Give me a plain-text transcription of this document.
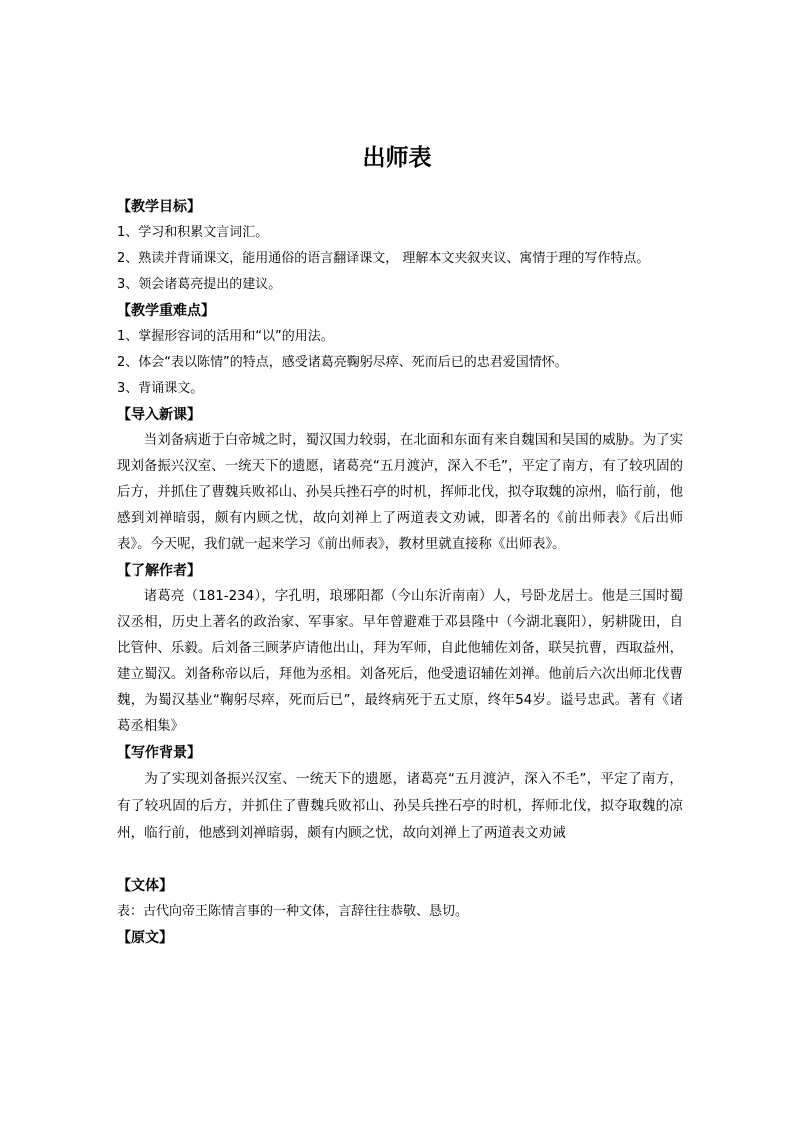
出师表
【教学目标】
1、学习和积累文言词汇。
2、熟读并背诵课文，能用通俗的语言翻译课文， 理解本文夹叙夹议、寓情于理的写作特点。
3、领会诸葛亮提出的建议。
【教学重难点】
1、掌握形容词的活用和“以”的用法。
2、体会“表以陈情”的特点，感受诸葛亮鞠躬尽瘁、死而后已的忠君爱国情怀。
3、背诵课文。
【导入新课】

当刘备病逝于白帝城之时，蜀汉国力较弱，在北面和东面有来自魏国和吴国的威胁。为了实现刘备振兴汉室、一统天下的遗愿，诸葛亮“五月渡泸，深入不毛”，平定了南方，有了较巩固的后方，并抓住了曹魏兵败祁山、孙吴兵挫石亭的时机，挥师北伐，拟夺取魏的凉州，临行前，他感到刘禅暗弱，颇有内顾之忧，故向刘禅上了两道表文劝诫，即著名的《前出师表》《后出师表》。今天呢，我们就一起来学习《前出师表》，教材里就直接称《出师表》。

【了解作者】

诸葛亮（181-234），字孔明，琅琊阳都（今山东沂南南）人，号卧龙居士。他是三国时蜀汉丞相，历史上著名的政治家、军事家。早年曾避难于邓县隆中（今湖北襄阳），躬耕陇田，自比管仲、乐毅。后刘备三顾茅庐请他出山，拜为军师，自此他辅佐刘备，联吴抗曹，西取益州，建立蜀汉。刘备称帝以后，拜他为丞相。刘备死后，他受遗诏辅佐刘禅。他前后六次出师北伐曹魏，为蜀汉基业“鞠躬尽瘁，死而后已”，最终病死于五丈原，终年54岁。谥号忠武。著有《诸葛丞相集》

【写作背景】

为了实现刘备振兴汉室、一统天下的遗愿，诸葛亮“五月渡泸，深入不毛”，平定了南方，有了较巩固的后方，并抓住了曹魏兵败祁山、孙吴兵挫石亭的时机，挥师北伐，拟夺取魏的凉州，临行前，他感到刘禅暗弱，颇有内顾之忧，故向刘禅上了两道表文劝诫

【文体】
表：古代向帝王陈情言事的一种文体，言辞往往恭敬、恳切。
【原文】
